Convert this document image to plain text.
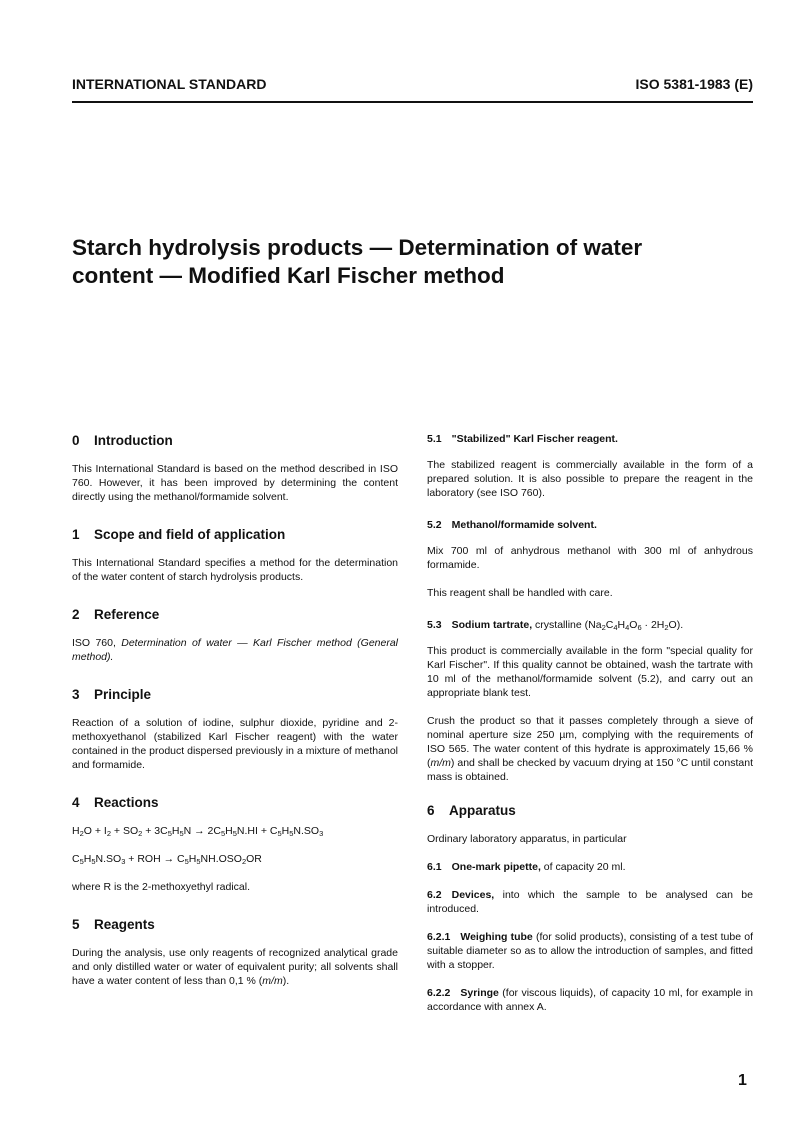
INTERNATIONAL STANDARD	ISO 5381-1983 (E)
Starch hydrolysis products — Determination of water
content — Modified Karl Fischer method
0 Introduction

This International Standard is based on the method described in ISO 760. However, it has been improved by determining the content directly using the methanol/formamide solvent.

1 Scope and field of application

This International Standard specifies a method for the determination of the water content of starch hydrolysis products.

2 Reference

ISO 760, Determination of water — Karl Fischer method (General method).

3 Principle

Reaction of a solution of iodine, sulphur dioxide, pyridine and 2-methoxyethanol (stabilized Karl Fischer reagent) with the water contained in the product dispersed previously in a mixture of methanol and formamide.

4 Reactions
$H_2O + I_2 + SO_2 + 3C_5H_5N \to 2C_5H_5N.HI + C_5H_5N.SO_3$
$C_5H_5N.SO_3$ + ROH → $C_5H_5NH.OSO_2OR$

where R is the 2-methoxyethyl radical.

5 Reagents

During the analysis, use only reagents of recognized analytical grade and only distilled water or water of equivalent purity; all solvents shall have a water content of less than 0,1 % (m/m).

5.1 "Stabilized" Karl Fischer reagent.

The stabilized reagent is commercially available in the form of a prepared solution. It is also possible to prepare the reagent in the laboratory (see ISO 760).

5.2 Methanol/formamide solvent.

Mix 700 ml of anhydrous methanol with 300 ml of anhydrous formamide.

This reagent shall be handled with care.

5.3 Sodium tartrate, crystalline $(Na_2C_4H_4O_6 \cdot 2H_2O)$.

This product is commercially available in the form "special quality for Karl Fischer". If this quality cannot be obtained, wash the tartrate with 10 ml of the methanol/formamide solvent (5.2), and carry out an appropriate blank test.

Crush the product so that it passes completely through a sieve of nominal aperture size 250 µm, complying with the requirements of ISO 565. The water content of this hydrate is approximately 15,66 % (m/m) and shall be checked by vacuum drying at 150 °C until constant mass is obtained.

6 Apparatus

Ordinary laboratory apparatus, in particular

6.1 One-mark pipette, of capacity 20 ml.

6.2 Devices, into which the sample to be analysed can be introduced.

6.2.1 Weighing tube (for solid products), consisting of a test tube of suitable diameter so as to allow the introduction of samples, and fitted with a stopper.

6.2.2 Syringe (for viscous liquids), of capacity 10 ml, for example in accordance with annex A.

1
